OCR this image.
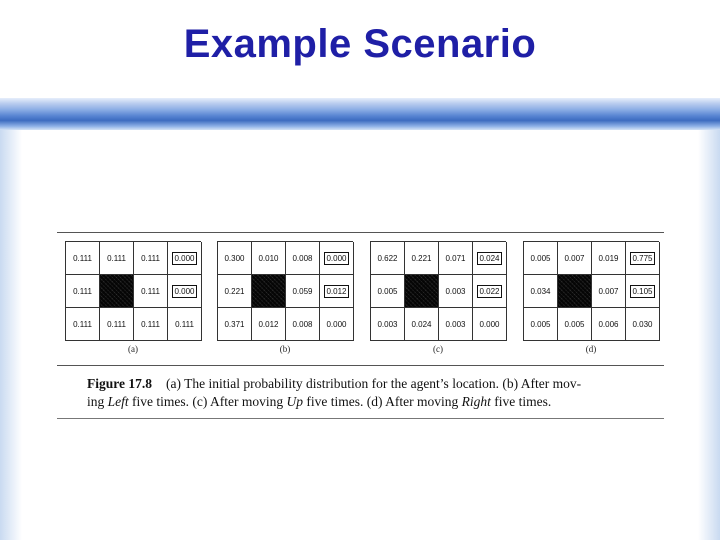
Example Scenario
0.111 0.111 0.111 0.000
0.111	0.111 0.000
0.111 0.111 0.111 0.111
(a)
0.300 0.010 0.008 0.000
0.221	0.059 0.012
0.371 0.012 0.008 0.000
(b)
0.622 0.221 0.071 0.024
0.005	0.003 0.022
0.003 0.024 0.003 0.000
(c)
0.005 0.007 0.019 0.775
0.034	0.007 0.105
0.005 0.005 0.006 0.030
(d)
Figure 17.8 (a) The initial probability distribution for the agent’s location. (b) After mov-
ing Left five times. (c) After moving Up five times. (d) After moving Right five times.
